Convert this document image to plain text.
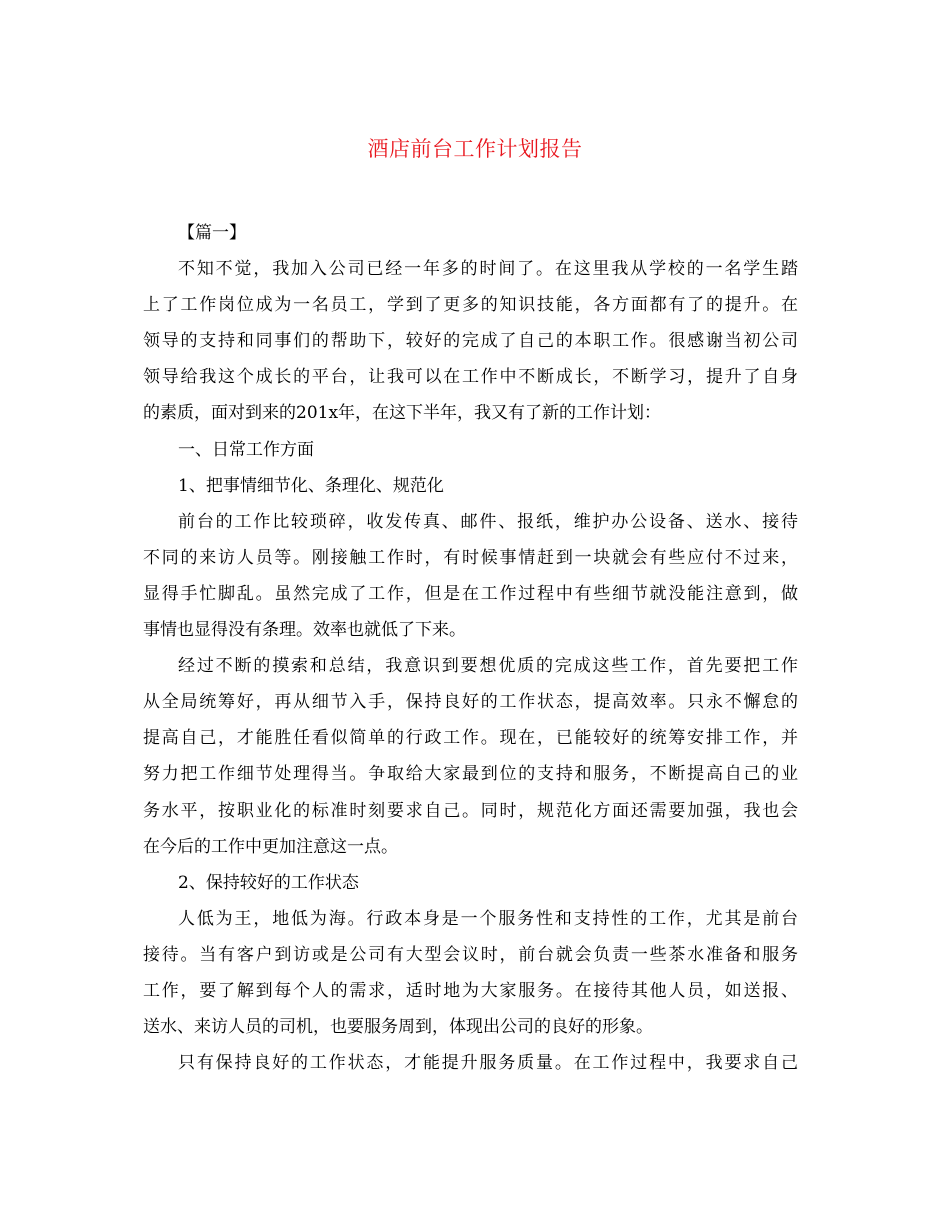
酒店前台工作计划报告
【篇一】
不知不觉，我加入公司已经一年多的时间了。在这里我从学校的一名学生踏
上了工作岗位成为一名员工，学到了更多的知识技能，各方面都有了的提升。在
领导的支持和同事们的帮助下，较好的完成了自己的本职工作。很感谢当初公司
领导给我这个成长的平台，让我可以在工作中不断成长，不断学习，提升了自身
的素质，面对到来的201x年，在这下半年，我又有了新的工作计划：
一、日常工作方面
1、把事情细节化、条理化、规范化
前台的工作比较琐碎，收发传真、邮件、报纸，维护办公设备、送水、接待
不同的来访人员等。刚接触工作时，有时候事情赶到一块就会有些应付不过来，
显得手忙脚乱。虽然完成了工作，但是在工作过程中有些细节就没能注意到，做
事情也显得没有条理。效率也就低了下来。
经过不断的摸索和总结，我意识到要想优质的完成这些工作，首先要把工作
从全局统筹好，再从细节入手，保持良好的工作状态，提高效率。只永不懈怠的
提高自己，才能胜任看似简单的行政工作。现在，已能较好的统筹安排工作，并
努力把工作细节处理得当。争取给大家最到位的支持和服务，不断提高自己的业
务水平，按职业化的标准时刻要求自己。同时，规范化方面还需要加强，我也会
在今后的工作中更加注意这一点。
2、保持较好的工作状态
人低为王，地低为海。行政本身是一个服务性和支持性的工作，尤其是前台
接待。当有客户到访或是公司有大型会议时，前台就会负责一些茶水准备和服务
工作，要了解到每个人的需求，适时地为大家服务。在接待其他人员，如送报、
送水、来访人员的司机，也要服务周到，体现出公司的良好的形象。
只有保持良好的工作状态，才能提升服务质量。在工作过程中，我要求自己
